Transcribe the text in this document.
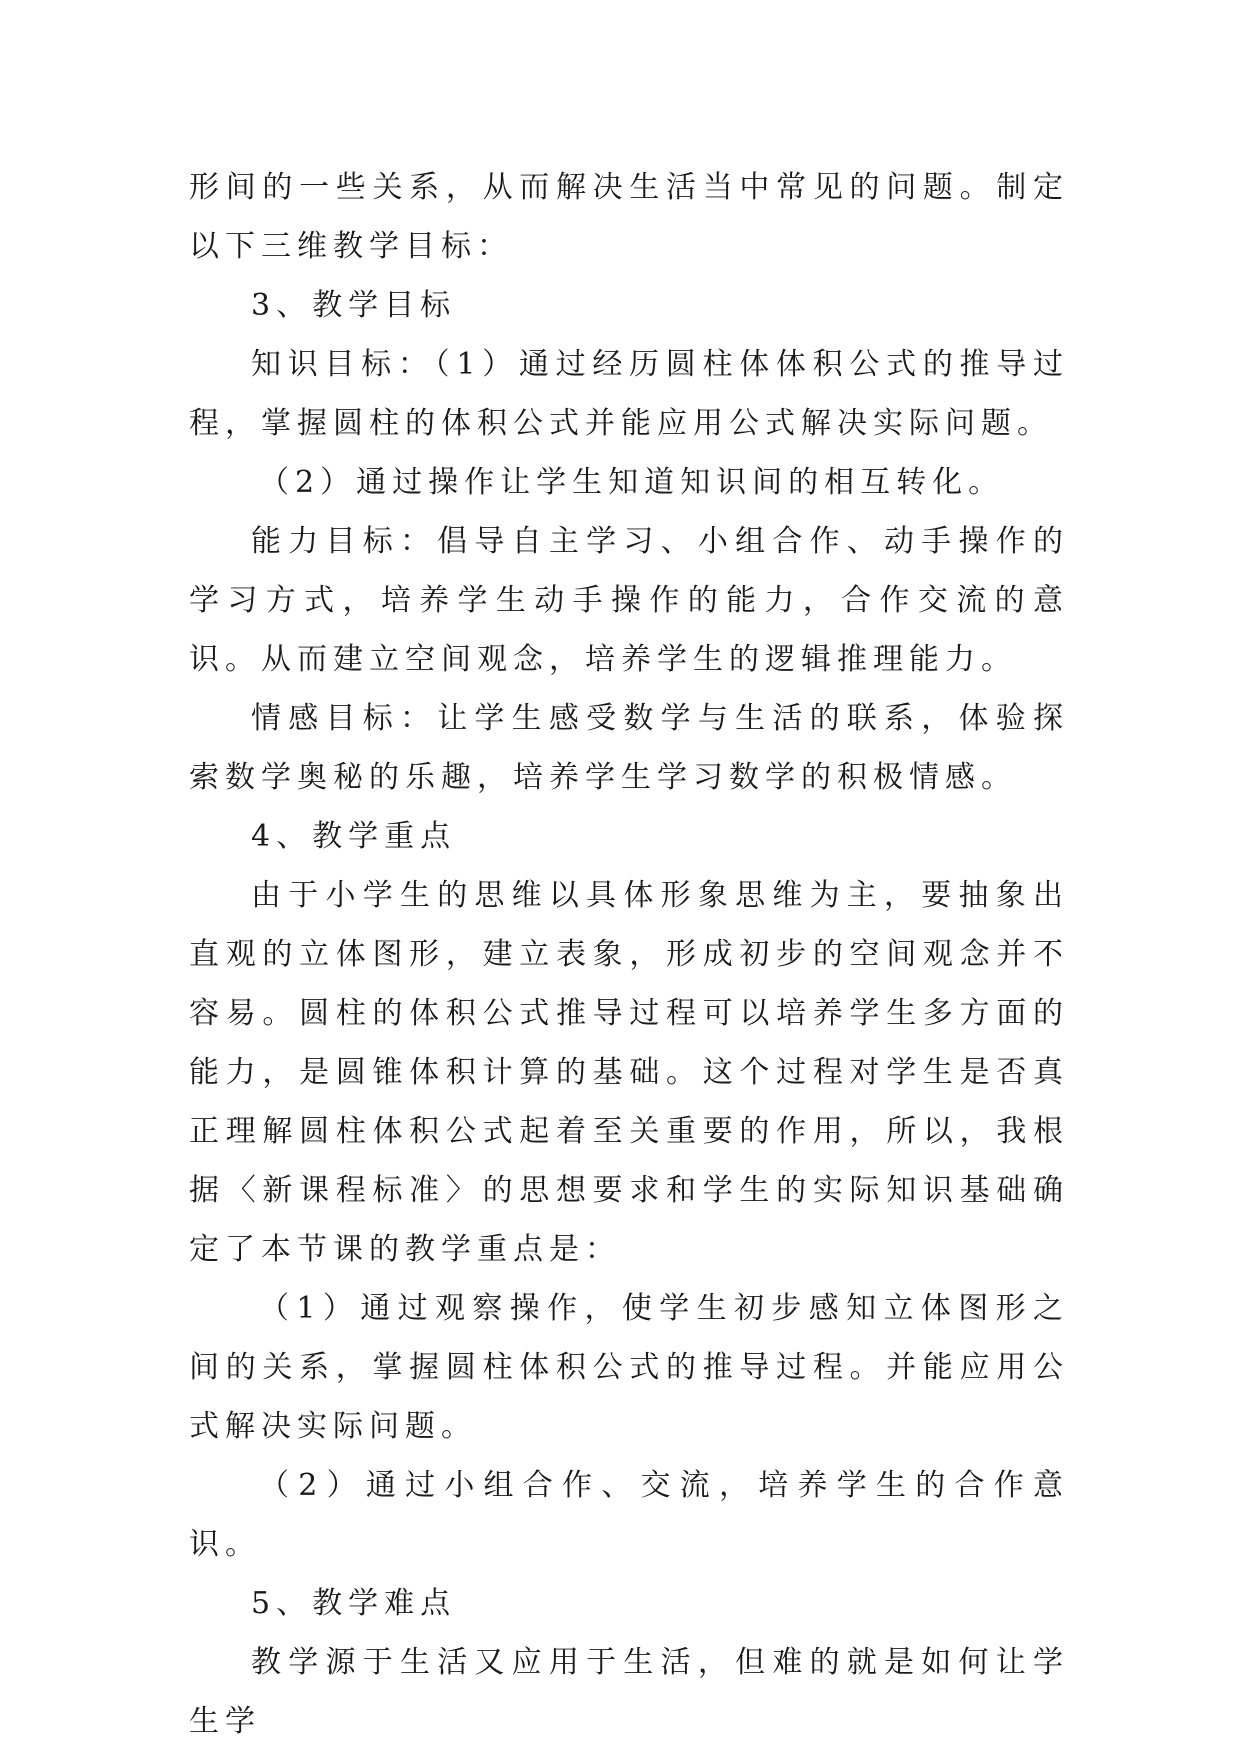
形间的一些关系，从而解决生活当中常见的问题。制定以下三维教学目标：

3、教学目标

知识目标：（1）通过经历圆柱体体积公式的推导过程，掌握圆柱的体积公式并能应用公式解决实际问题。

（2）通过操作让学生知道知识间的相互转化。

能力目标：倡导自主学习、小组合作、动手操作的学习方式，培养学生动手操作的能力，合作交流的意识。从而建立空间观念，培养学生的逻辑推理能力。

情感目标：让学生感受数学与生活的联系，体验探索数学奥秘的乐趣，培养学生学习数学的积极情感。

4、教学重点

由于小学生的思维以具体形象思维为主，要抽象出直观的立体图形，建立表象，形成初步的空间观念并不容易。圆柱的体积公式推导过程可以培养学生多方面的能力，是圆锥体积计算的基础。这个过程对学生是否真正理解圆柱体积公式起着至关重要的作用，所以，我根据〈新课程标准〉的思想要求和学生的实际知识基础确定了本节课的教学重点是：

（1）通过观察操作，使学生初步感知立体图形之间的关系，掌握圆柱体积公式的推导过程。并能应用公式解决实际问题。

（2）通过小组合作、交流，培养学生的合作意识。

5、教学难点

教学源于生活又应用于生活，但难的就是如何让学生学
